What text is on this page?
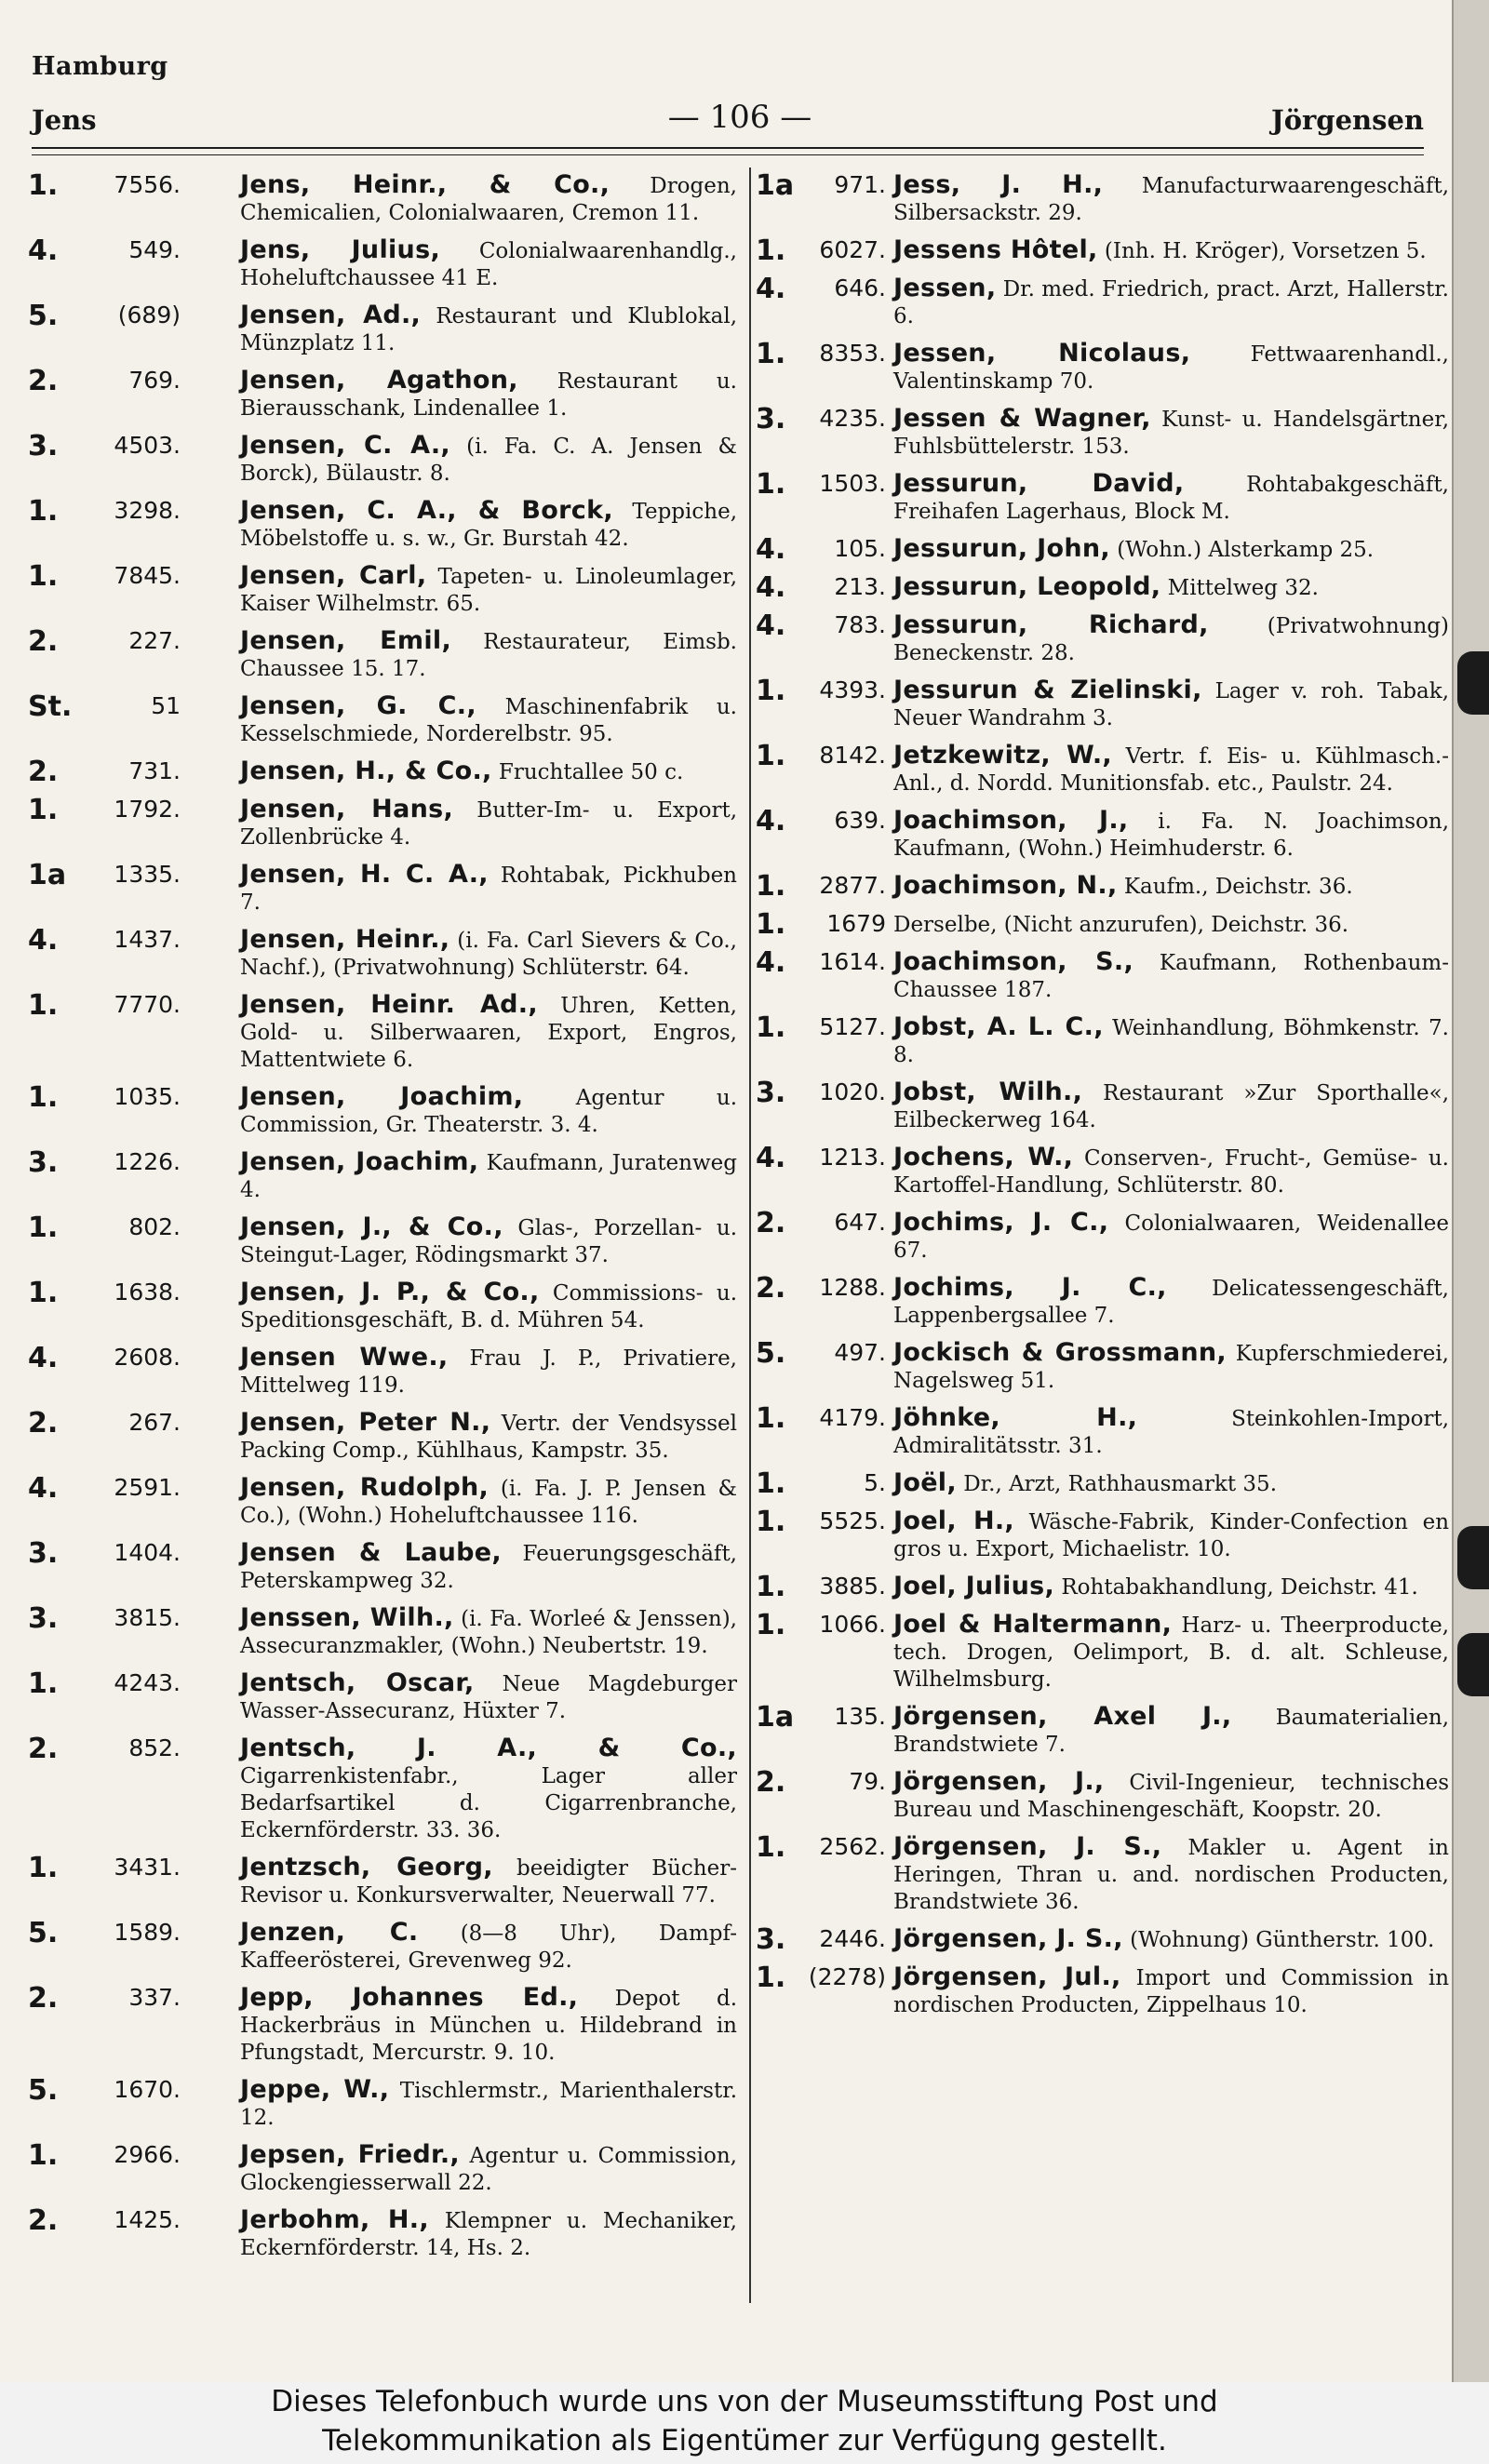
Hamburg
Jens	— 106 —	Jörgensen
1.	7556. Jens, Heinr., & Co., Drogen, Chemicalien, Colonialwaaren, Cremon 11.
4.	549. Jens, Julius, Colonialwaarenhandlg., Hoheluftchaussee 41 E.
5.	(689) Jensen, Ad., Restaurant und Klublokal, Münzplatz 11.
2.	769. Jensen, Agathon, Restaurant u. Bierausschank, Lindenallee 1.
3.	4503. Jensen, C. A., (i. Fa. C. A. Jensen & Borck), Bülaustr. 8.
1.	3298. Jensen, C. A., & Borck, Teppiche, Möbelstoffe u. s. w., Gr. Burstah 42.
1.	7845. Jensen, Carl, Tapeten- u. Linoleumlager, Kaiser Wilhelmstr. 65.
2.	227. Jensen, Emil, Restaurateur, Eimsb. Chaussee 15. 17.
St.	51 Jensen, G. C., Maschinenfabrik u. Kesselschmiede, Norderelbstr. 95.
2.	731. Jensen, H., & Co., Fruchtallee 50 c.
1.	1792. Jensen, Hans, Butter-Im- u. Export, Zollenbrücke 4.
1a	1335. Jensen, H. C. A., Rohtabak, Pickhuben 7.
4.	1437. Jensen, Heinr., (i. Fa. Carl Sievers & Co., Nachf.), (Privatwohnung) Schlüterstr. 64.
1.	7770. Jensen, Heinr. Ad., Uhren, Ketten, Gold- u. Silberwaaren, Export, Engros, Mattentwiete 6.
1.	1035. Jensen, Joachim, Agentur u. Commission, Gr. Theaterstr. 3. 4.
3.	1226. Jensen, Joachim, Kaufmann, Juratenweg 4.
1.	802. Jensen, J., & Co., Glas-, Porzellan- u. Steingut-Lager, Rödingsmarkt 37.
1.	1638. Jensen, J. P., & Co., Commissions- u. Speditionsgeschäft, B. d. Mühren 54.
4.	2608. Jensen Wwe., Frau J. P., Privatiere, Mittelweg 119.
2.	267. Jensen, Peter N., Vertr. der Vendsyssel Packing Comp., Kühlhaus, Kampstr. 35.
4.	2591. Jensen, Rudolph, (i. Fa. J. P. Jensen & Co.), (Wohn.) Hoheluftchaussee 116.
3.	1404. Jensen & Laube, Feuerungsgeschäft, Peterskampweg 32.
3.	3815. Jenssen, Wilh., (i. Fa. Worleé & Jenssen), Assecuranzmakler, (Wohn.) Neubertstr. 19.
1.	4243. Jentsch, Oscar, Neue Magdeburger Wasser-Assecuranz, Hüxter 7.
2.	852. Jentsch, J. A., & Co., Cigarrenkistenfabr., Lager aller Bedarfsartikel d. Cigarrenbranche, Eckernförderstr. 33. 36.
1.	3431. Jentzsch, Georg, beeidigter Bücher-Revisor u. Konkursverwalter, Neuerwall 77.
5.	1589. Jenzen, C. (8—8 Uhr), Dampf-Kaffeerösterei, Grevenweg 92.
2.	337. Jepp, Johannes Ed., Depot d. Hackerbräus in München u. Hildebrand in Pfungstadt, Mercurstr. 9. 10.
5.	1670. Jeppe, W., Tischlermstr., Marienthalerstr. 12.
1.	2966. Jepsen, Friedr., Agentur u. Commission, Glockengiesserwall 22.
2.	1425. Jerbohm, H., Klempner u. Mechaniker, Eckernförderstr. 14, Hs. 2.
1a	971. Jess, J. H., Manufacturwaarengeschäft, Silbersackstr. 29.
1.	6027. Jessens Hôtel, (Inh. H. Kröger), Vorsetzen 5.
4.	646. Jessen, Dr. med. Friedrich, pract. Arzt, Hallerstr. 6.
1.	8353. Jessen, Nicolaus,	Fettwaarenhandl., Valentinskamp 70.
3.	4235. Jessen & Wagner, Kunst- u. Handelsgärtner, Fuhlsbüttelerstr. 153.
1.	1503. Jessurun, David,	Rohtabakgeschäft, Freihafen Lagerhaus, Block M.
4.	105. Jessurun, John, (Wohn.) Alsterkamp 25.
4.	213. Jessurun, Leopold, Mittelweg 32.
4.	783. Jessurun, Richard,	(Privatwohnung) Beneckenstr. 28.
1.	4393. Jessurun & Zielinski, Lager v. roh. Tabak, Neuer Wandrahm 3.
1.	8142. Jetzkewitz, W., Vertr. f. Eis- u. Kühlmasch.-Anl., d. Nordd. Munitionsfab. etc., Paulstr. 24.
4.	639. Joachimson, J., i. Fa. N. Joachimson, Kaufmann, (Wohn.) Heimhuderstr. 6.
1.	2877. Joachimson, N., Kaufm., Deichstr. 36.
1.	1679 Derselbe, (Nicht anzurufen), Deichstr. 36.
4.	1614. Joachimson, S., Kaufmann, Rothenbaum-Chaussee 187.
1.	5127. Jobst, A. L. C., Weinhandlung, Böhmkenstr. 7. 8.
3.	1020. Jobst, Wilh., Restaurant »Zur Sporthalle«, Eilbeckerweg 164.
4.	1213. Jochens, W., Conserven-, Frucht-, Gemüse- u. Kartoffel-Handlung, Schlüterstr. 80.
2.	647. Jochims, J. C., Colonialwaaren, Weidenallee 67.
2.	1288. Jochims, J. C., Delicatessengeschäft, Lappenbergsallee 7.
5.	497. Jockisch & Grossmann, Kupferschmiederei, Nagelsweg 51.
1.	4179. Jöhnke, H.,	Steinkohlen-Import, Admiralitätsstr. 31.
1.	5. Joël, Dr., Arzt, Rathhausmarkt 35.
1.	5525. Joel, H., Wäsche-Fabrik, Kinder-Confection en gros u. Export, Michaelistr. 10.
1.	3885. Joel, Julius, Rohtabakhandlung, Deichstr. 41.
1.	1066. Joel & Haltermann, Harz- u. Theerproducte, tech. Drogen, Oelimport, B. d. alt. Schleuse, Wilhelmsburg.
1a	135. Jörgensen, Axel J., Baumaterialien, Brandstwiete 7.
2.	79. Jörgensen, J., Civil-Ingenieur, technisches Bureau und Maschinengeschäft, Koopstr. 20.
1.	2562. Jörgensen, J. S., Makler u. Agent in Heringen, Thran u. and. nordischen Producten, Brandstwiete 36.
3.	2446. Jörgensen, J. S., (Wohnung) Güntherstr. 100.
1. (2278) Jörgensen, Jul., Import und Commission in nordischen Producten, Zippelhaus 10.
Dieses Telefonbuch wurde uns von der Museumsstiftung Post und
Telekommunikation als Eigentümer zur Verfügung gestellt.
